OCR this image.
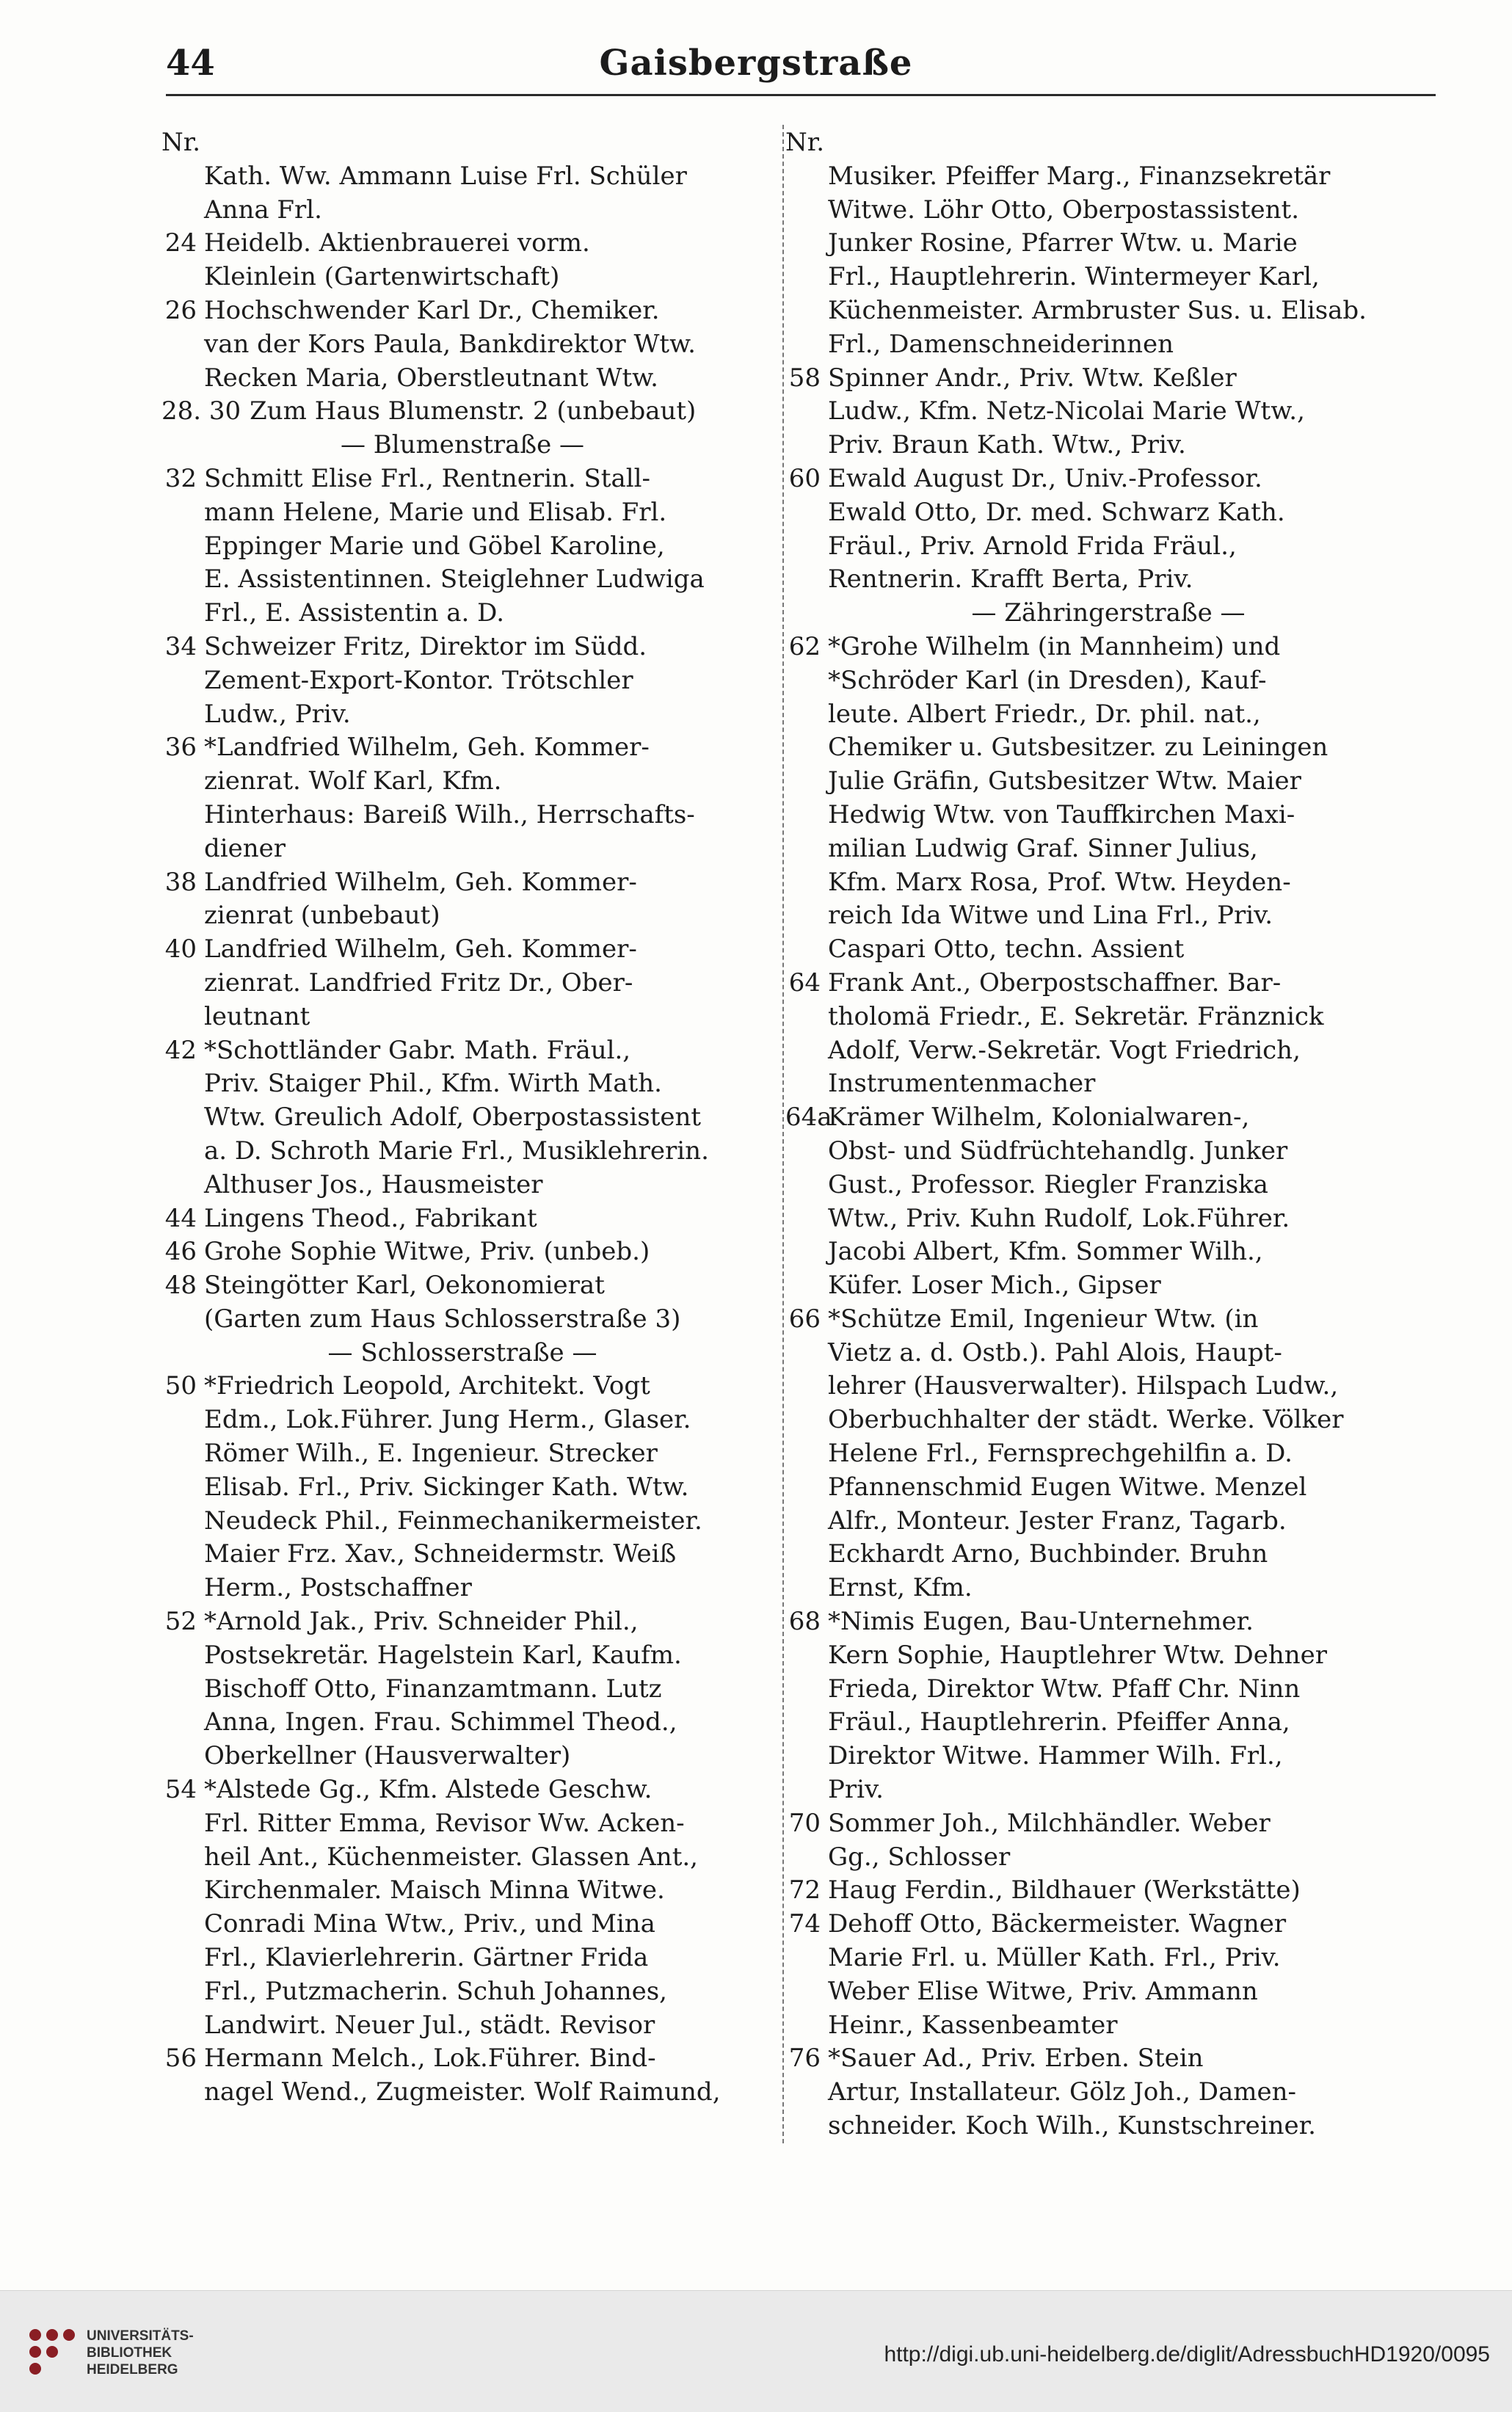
44	Gaisbergstraße
Nr.
Kath. Ww. Ammann Luise Frl. Schüler
Anna Frl.
24 Heidelb. Aktienbrauerei vorm.
Kleinlein (Gartenwirtschaft)
26 Hochschwender Karl Dr., Chemiker.
van der Kors Paula, Bankdirektor Wtw.
Recken Maria, Oberstleutnant Wtw.
28. 30 Zum Haus Blumenstr. 2 (unbebaut)
— Blumenstraße —
32 Schmitt Elise Frl., Rentnerin. Stall-
mann Helene, Marie und Elisab. Frl.
Eppinger Marie und Göbel Karoline,
E. Assistentinnen. Steiglehner Ludwiga
Frl., E. Assistentin a. D.
34 Schweizer Fritz, Direktor im Südd.
Zement-Export-Kontor. Trötschler
Ludw., Priv.
36 *Landfried Wilhelm, Geh. Kommer-
zienrat. Wolf Karl, Kfm.
Hinterhaus: Bareiß Wilh., Herrschafts-
diener
38 Landfried Wilhelm, Geh. Kommer-
zienrat (unbebaut)
40 Landfried Wilhelm, Geh. Kommer-
zienrat. Landfried Fritz Dr., Ober-
leutnant
42 *Schottländer Gabr. Math. Fräul.,
Priv. Staiger Phil., Kfm. Wirth Math.
Wtw. Greulich Adolf, Oberpostassistent
a. D. Schroth Marie Frl., Musiklehrerin.
Althuser Jos., Hausmeister
44 Lingens Theod., Fabrikant
46 Grohe Sophie Witwe, Priv. (unbeb.)
48 Steingötter Karl, Oekonomierat
(Garten zum Haus Schlosserstraße 3)
— Schlosserstraße —
50 *Friedrich Leopold, Architekt. Vogt
Edm., Lok.Führer. Jung Herm., Glaser.
Römer Wilh., E. Ingenieur. Strecker
Elisab. Frl., Priv. Sickinger Kath. Wtw.
Neudeck Phil., Feinmechanikermeister.
Maier Frz. Xav., Schneidermstr. Weiß
Herm., Postschaffner
52 *Arnold Jak., Priv. Schneider Phil.,
Postsekretär. Hagelstein Karl, Kaufm.
Bischoff Otto, Finanzamtmann. Lutz
Anna, Ingen. Frau. Schimmel Theod.,
Oberkellner (Hausverwalter)
54 *Alstede Gg., Kfm. Alstede Geschw.
Frl. Ritter Emma, Revisor Ww. Acken-
heil Ant., Küchenmeister. Glassen Ant.,
Kirchenmaler. Maisch Minna Witwe.
Conradi Mina Wtw., Priv., und Mina
Frl., Klavierlehrerin. Gärtner Frida
Frl., Putzmacherin. Schuh Johannes,
Landwirt. Neuer Jul., städt. Revisor
56 Hermann Melch., Lok.Führer. Bind-
nagel Wend., Zugmeister. Wolf Raimund,
Nr.
Musiker. Pfeiffer Marg., Finanzsekretär
Witwe. Löhr Otto, Oberpostassistent.
Junker Rosine, Pfarrer Wtw. u. Marie
Frl., Hauptlehrerin. Wintermeyer Karl,
Küchenmeister. Armbruster Sus. u. Elisab.
Frl., Damenschneiderinnen
58 Spinner Andr., Priv. Wtw. Keßler
Ludw., Kfm. Netz-Nicolai Marie Wtw.,
Priv. Braun Kath. Wtw., Priv.
60 Ewald August Dr., Univ.-Professor.
Ewald Otto, Dr. med. Schwarz Kath.
Fräul., Priv. Arnold Frida Fräul.,
Rentnerin. Krafft Berta, Priv.
— Zähringerstraße —
62 *Grohe Wilhelm (in Mannheim) und
*Schröder Karl (in Dresden), Kauf-
leute. Albert Friedr., Dr. phil. nat.,
Chemiker u. Gutsbesitzer. zu Leiningen
Julie Gräfin, Gutsbesitzer Wtw. Maier
Hedwig Wtw. von Tauffkirchen Maxi-
milian Ludwig Graf. Sinner Julius,
Kfm. Marx Rosa, Prof. Wtw. Heyden-
reich Ida Witwe und Lina Frl., Priv.
Caspari Otto, techn. Assient
64 Frank Ant., Oberpostschaffner. Bar-
tholomä Friedr., E. Sekretär. Fränznick
Adolf, Verw.-Sekretär. Vogt Friedrich,
Instrumentenmacher
64aKrämer Wilhelm, Kolonialwaren-,
Obst- und Südfrüchtehandlg. Junker
Gust., Professor. Riegler Franziska
Wtw., Priv. Kuhn Rudolf, Lok.Führer.
Jacobi Albert, Kfm. Sommer Wilh.,
Küfer. Loser Mich., Gipser
66 *Schütze Emil, Ingenieur Wtw. (in
Vietz a. d. Ostb.). Pahl Alois, Haupt-
lehrer (Hausverwalter). Hilspach Ludw.,
Oberbuchhalter der städt. Werke. Völker
Helene Frl., Fernsprechgehilfin a. D.
Pfannenschmid Eugen Witwe. Menzel
Alfr., Monteur. Jester Franz, Tagarb.
Eckhardt Arno, Buchbinder. Bruhn
Ernst, Kfm.
68 *Nimis Eugen, Bau-Unternehmer.
Kern Sophie, Hauptlehrer Wtw. Dehner
Frieda, Direktor Wtw. Pfaff Chr. Ninn
Fräul., Hauptlehrerin. Pfeiffer Anna,
Direktor Witwe. Hammer Wilh. Frl.,
Priv.
70 Sommer Joh., Milchhändler. Weber
Gg., Schlosser
72 Haug Ferdin., Bildhauer (Werkstätte)
74 Dehoff Otto, Bäckermeister. Wagner
Marie Frl. u. Müller Kath. Frl., Priv.
Weber Elise Witwe, Priv. Ammann
Heinr., Kassenbeamter
76 *Sauer Ad., Priv. Erben. Stein
Artur, Installateur. Gölz Joh., Damen-
schneider. Koch Wilh., Kunstschreiner.
UNIVERSITÄTS-
BIBLIOTHEK
HEIDELBERG
http://digi.ub.uni-heidelberg.de/diglit/AdressbuchHD1920/0095
